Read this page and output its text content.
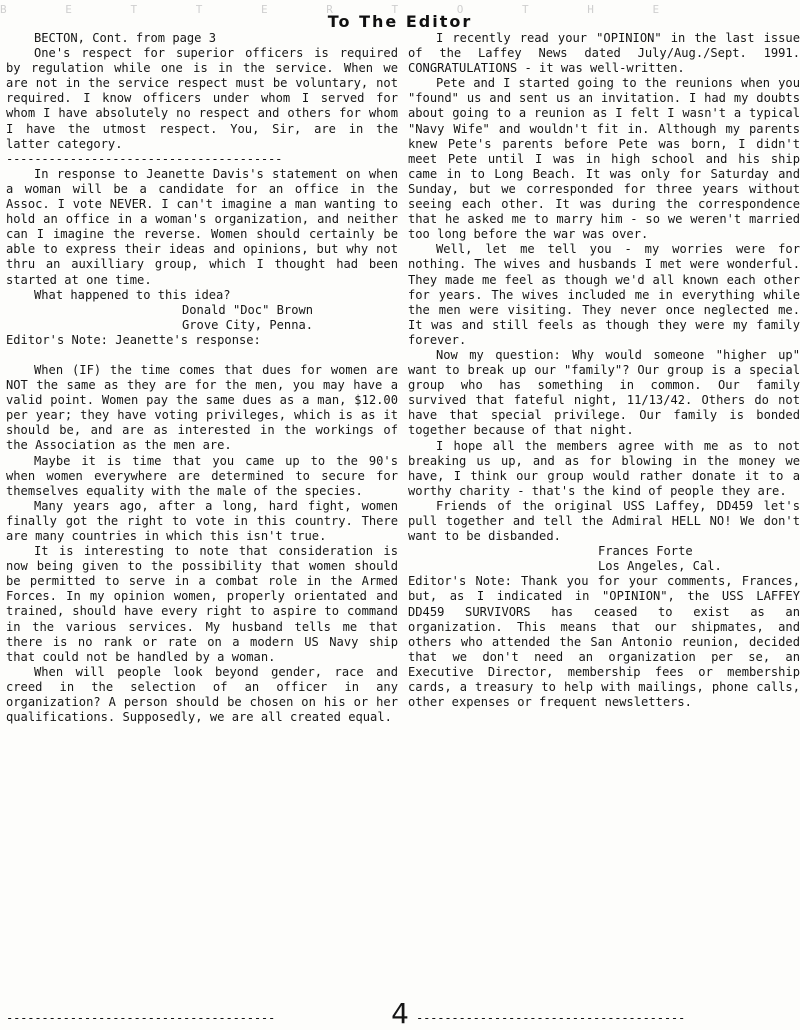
B E T T E R T O T H E
To The Editor
BECTON, Cont. from page 3
One's respect for superior officers is required by regulation while one is in the service. When we are not in the service respect must be voluntary, not required. I know officers under whom I served for whom I have absolutely no respect and others for whom I have the utmost respect. You, Sir, are in the latter category.
---------------------------------------
In response to Jeanette Davis's statement on when a woman will be a candidate for an office in the Assoc. I vote NEVER. I can't imagine a man wanting to hold an office in a woman's organization, and neither can I imagine the reverse. Women should certainly be able to express their ideas and opinions, but why not thru an auxilliary group, which I thought had been started at one time.
What happened to this idea?
Donald "Doc" Brown
Grove City, Penna.
Editor's Note: Jeanette's response:
When (IF) the time comes that dues for women are NOT the same as they are for the men, you may have a valid point. Women pay the same dues as a man, $12.00 per year; they have voting privileges, which is as it should be, and are as interested in the workings of the Association as the men are.
Maybe it is time that you came up to the 90's when women everywhere are determined to secure for themselves equality with the male of the species.
Many years ago, after a long, hard fight, women finally got the right to vote in this country. There are many countries in which this isn't true.
It is interesting to note that consideration is now being given to the possibility that women should be permitted to serve in a combat role in the Armed Forces. In my opinion women, properly orientated and trained, should have every right to aspire to command in the various services. My husband tells me that there is no rank or rate on a modern US Navy ship that could not be handled by a woman.
When will people look beyond gender, race and creed in the selection of an officer in any organization? A person should be chosen on his or her qualifications. Supposedly, we are all created equal.
I recently read your "OPINION" in the last issue of the Laffey News dated July/Aug./Sept. 1991. CONGRATULATIONS - it was well-written.
Pete and I started going to the reunions when you "found" us and sent us an invitation. I had my doubts about going to a reunion as I felt I wasn't a typical "Navy Wife" and wouldn't fit in. Although my parents knew Pete's parents before Pete was born, I didn't meet Pete until I was in high school and his ship came in to Long Beach. It was only for Saturday and Sunday, but we corresponded for three years without seeing each other. It was during the correspondence that he asked me to marry him - so we weren't married too long before the war was over.
Well, let me tell you - my worries were for nothing. The wives and husbands I met were wonderful. They made me feel as though we'd all known each other for years. The wives included me in everything while the men were visiting. They never once neglected me. It was and still feels as though they were my family forever.
Now my question: Why would someone "higher up" want to break up our "family"? Our group is a special group who has something in common. Our family survived that fateful night, 11/13/42. Others do not have that special privilege. Our family is bonded together because of that night.
I hope all the members agree with me as to not breaking us up, and as for blowing in the money we have, I think our group would rather donate it to a worthy charity - that's the kind of people they are.
Friends of the original USS Laffey, DD459 let's pull together and tell the Admiral HELL NO! We don't want to be disbanded.
Frances Forte
Los Angeles, Cal.
Editor's Note: Thank you for your comments, Frances, but, as I indicated in "OPINION", the USS LAFFEY DD459 SURVIVORS has ceased to exist as an organization. This means that our shipmates, and others who attended the San Antonio reunion, decided that we don't need an organization per se, an Executive Director, membership fees or membership cards, a treasury to help with mailings, phone calls, other expenses or frequent newsletters.
--------------------------------------	4 --------------------------------------
